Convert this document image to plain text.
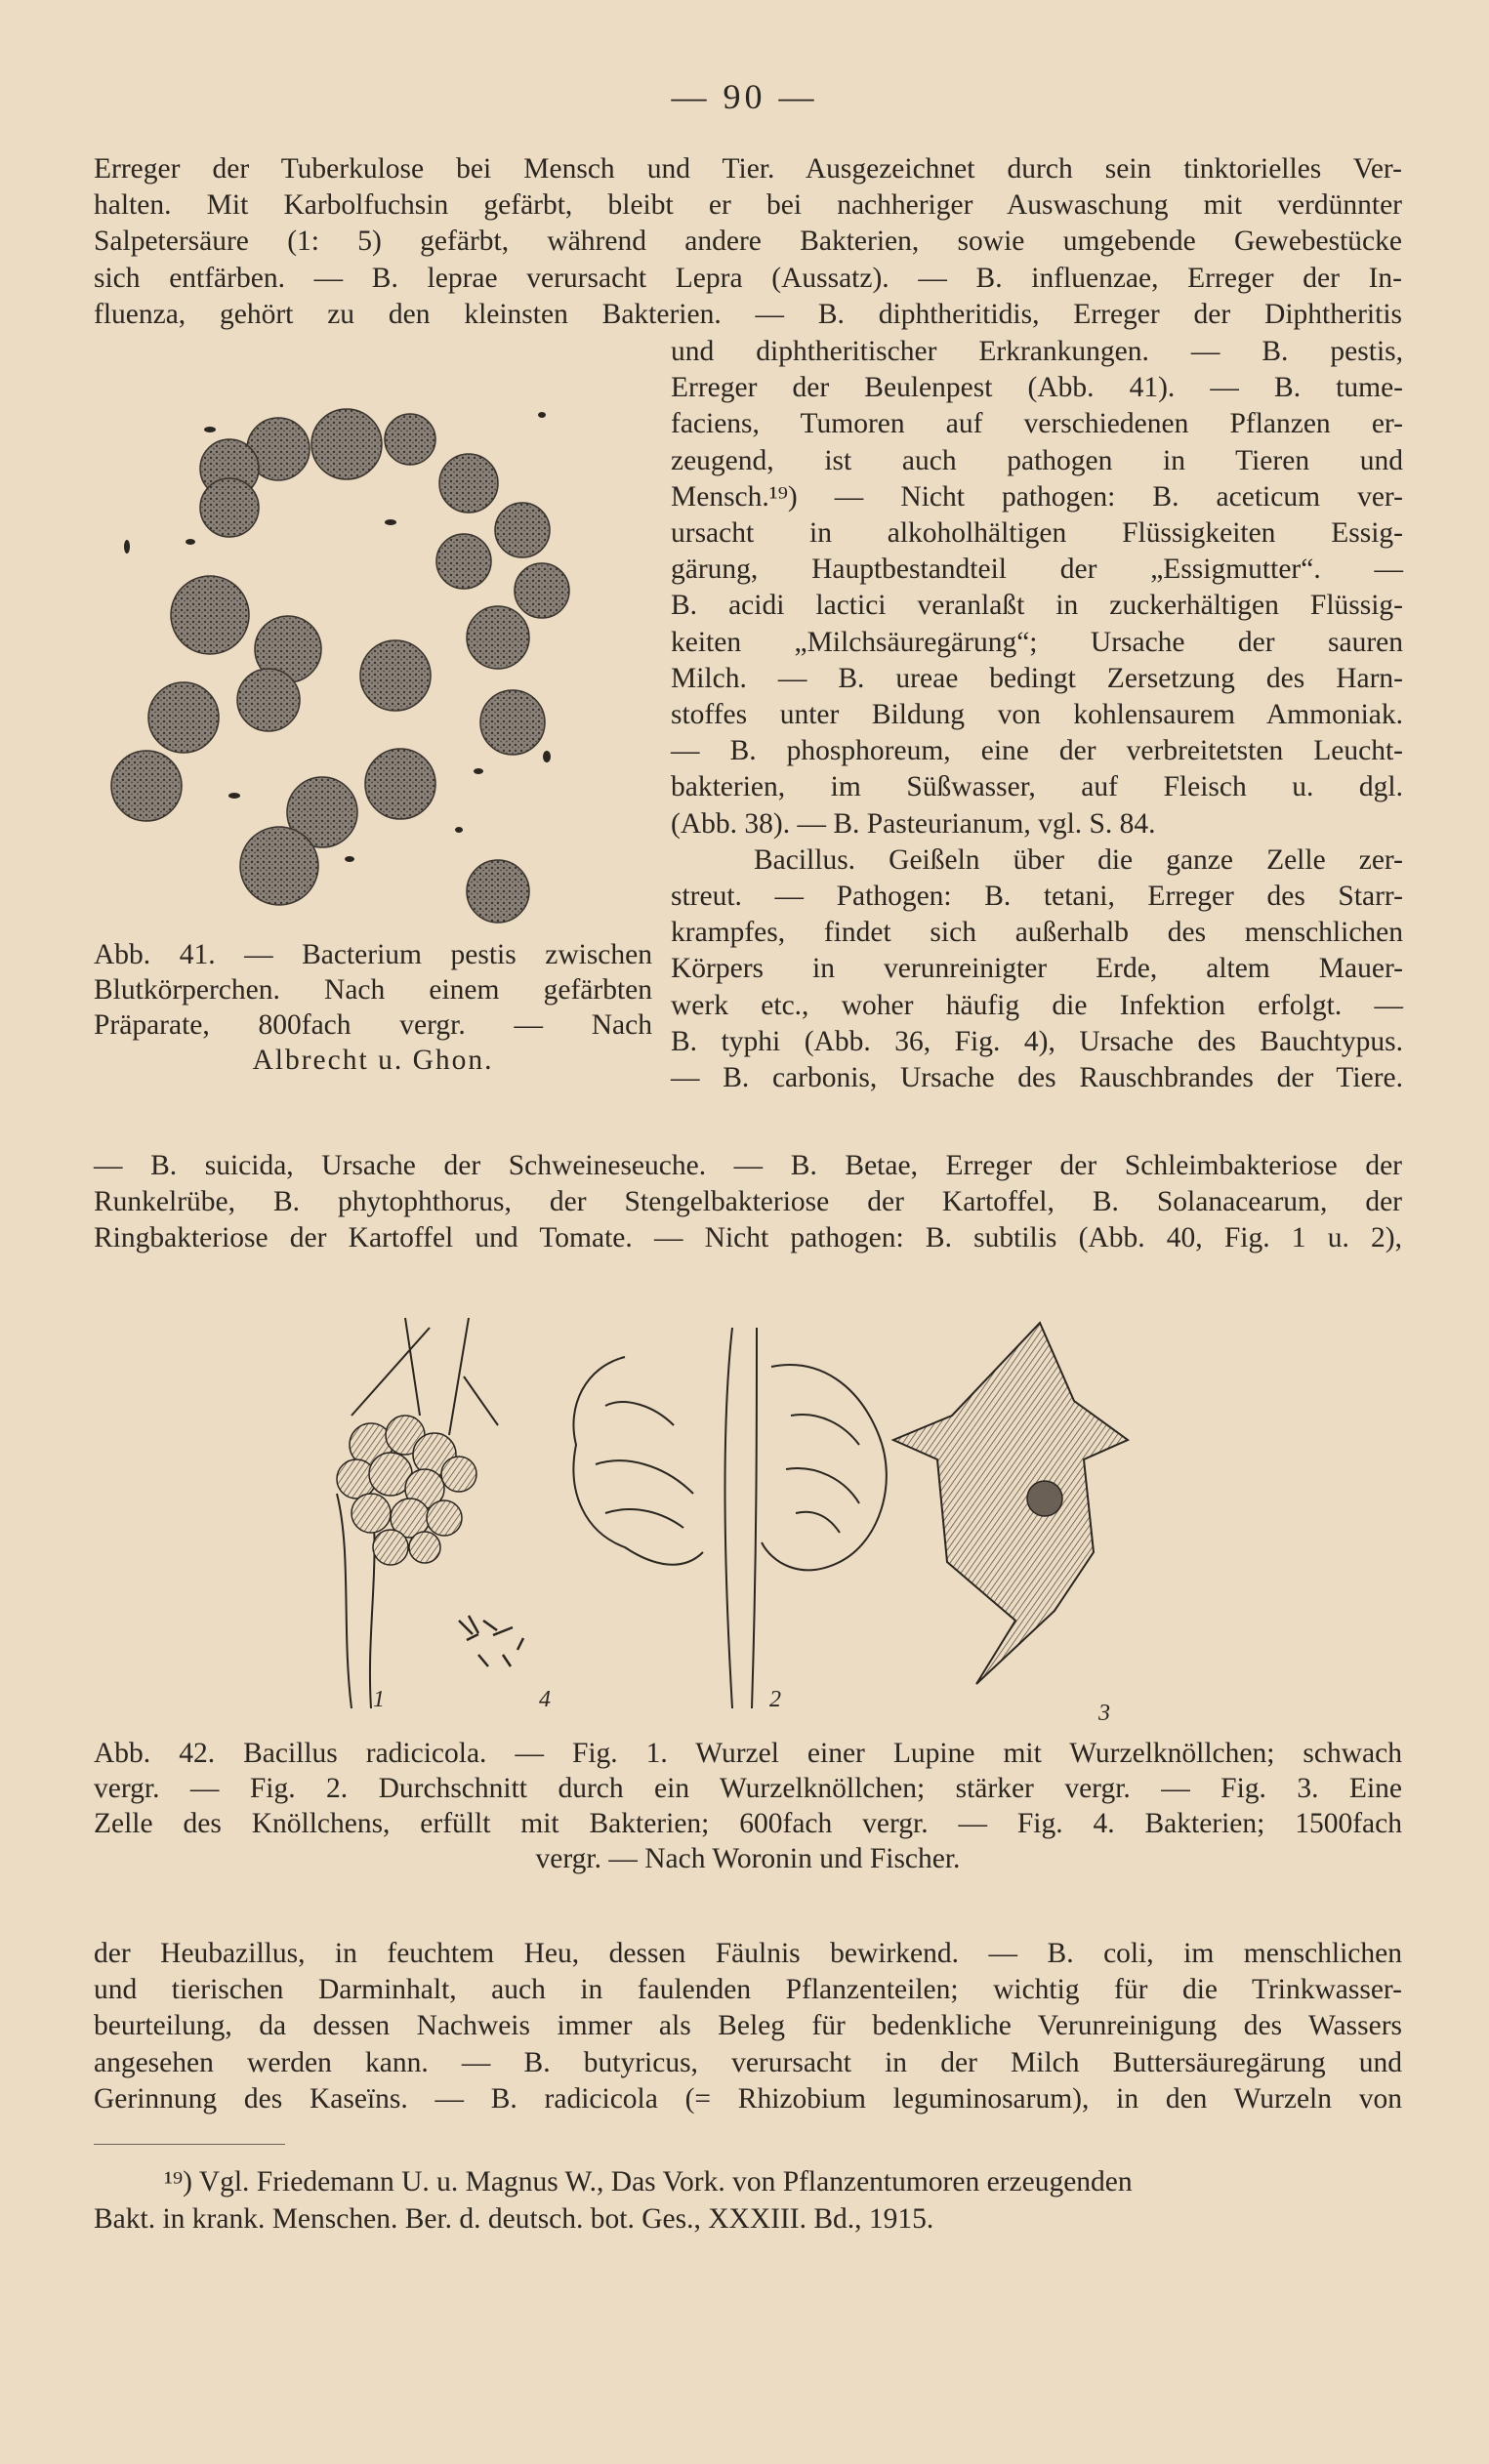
— 90 —
Erreger der Tuberkulose bei Mensch und Tier. Ausgezeichnet durch sein tinktorielles Ver-
halten. Mit Karbolfuchsin gefärbt, bleibt er bei nachheriger Auswaschung mit verdünnter
Salpetersäure (1: 5) gefärbt, während andere Bakterien, sowie umgebende Gewebestücke
sich entfärben. — B. leprae verursacht Lepra (Aussatz). — B. influenzae, Erreger der In-
fluenza, gehört zu den kleinsten Bakterien. — B. diphtheritidis, Erreger der Diphtheritis
Abb. 41. — Bacterium pestis zwischen
Blutkörperchen. Nach einem gefärbten
Präparate, 800fach vergr. — Nach
Albrecht u. Ghon.
und diphtheritischer Erkrankungen. — B. pestis,
Erreger der Beulenpest (Abb. 41). — B. tume-
faciens, Tumoren auf verschiedenen Pflanzen er-
zeugend, ist auch pathogen in Tieren und
Mensch.¹⁹) — Nicht pathogen: B. aceticum ver-
ursacht in alkoholhältigen Flüssigkeiten Essig-
gärung, Hauptbestandteil der „Essigmutter“. —
B. acidi lactici veranlaßt in zuckerhältigen Flüssig-
keiten „Milchsäuregärung“; Ursache der sauren
Milch. — B. ureae bedingt Zersetzung des Harn-
stoffes unter Bildung von kohlensaurem Ammoniak.
— B. phosphoreum, eine der verbreitetsten Leucht-
bakterien, im Süßwasser, auf Fleisch u. dgl.
(Abb. 38). — B. Pasteurianum, vgl. S. 84.
Bacillus. Geißeln über die ganze Zelle zer-
streut. — Pathogen: B. tetani, Erreger des Starr-
krampfes, findet sich außerhalb des menschlichen
Körpers in verunreinigter Erde, altem Mauer-
werk etc., woher häufig die Infektion erfolgt. —
B. typhi (Abb. 36, Fig. 4), Ursache des Bauchtypus.
— B. carbonis, Ursache des Rauschbrandes der Tiere.
— B. suicida, Ursache der Schweineseuche. — B. Betae, Erreger der Schleimbakteriose der
Runkelrübe, B. phytophthorus, der Stengelbakteriose der Kartoffel, B. Solanacearum, der
Ringbakteriose der Kartoffel und Tomate. — Nicht pathogen: B. subtilis (Abb. 40, Fig. 1 u. 2),
1	4	2
3
Abb. 42. Bacillus radicicola. — Fig. 1. Wurzel einer Lupine mit Wurzelknöllchen; schwach
vergr. — Fig. 2. Durchschnitt durch ein Wurzelknöllchen; stärker vergr. — Fig. 3. Eine
Zelle des Knöllchens, erfüllt mit Bakterien; 600fach vergr. — Fig. 4. Bakterien; 1500fach
vergr. — Nach Woronin und Fischer.
der Heubazillus, in feuchtem Heu, dessen Fäulnis bewirkend. — B. coli, im menschlichen
und tierischen Darminhalt, auch in faulenden Pflanzenteilen; wichtig für die Trinkwasser-
beurteilung, da dessen Nachweis immer als Beleg für bedenkliche Verunreinigung des Wassers
angesehen werden kann. — B. butyricus, verursacht in der Milch Buttersäuregärung und
Gerinnung des Kaseïns. — B. radicicola (= Rhizobium leguminosarum), in den Wurzeln von
¹⁹) Vgl. Friedemann U. u. Magnus W., Das Vork. von Pflanzentumoren erzeugenden
Bakt. in krank. Menschen. Ber. d. deutsch. bot. Ges., XXXIII. Bd., 1915.
